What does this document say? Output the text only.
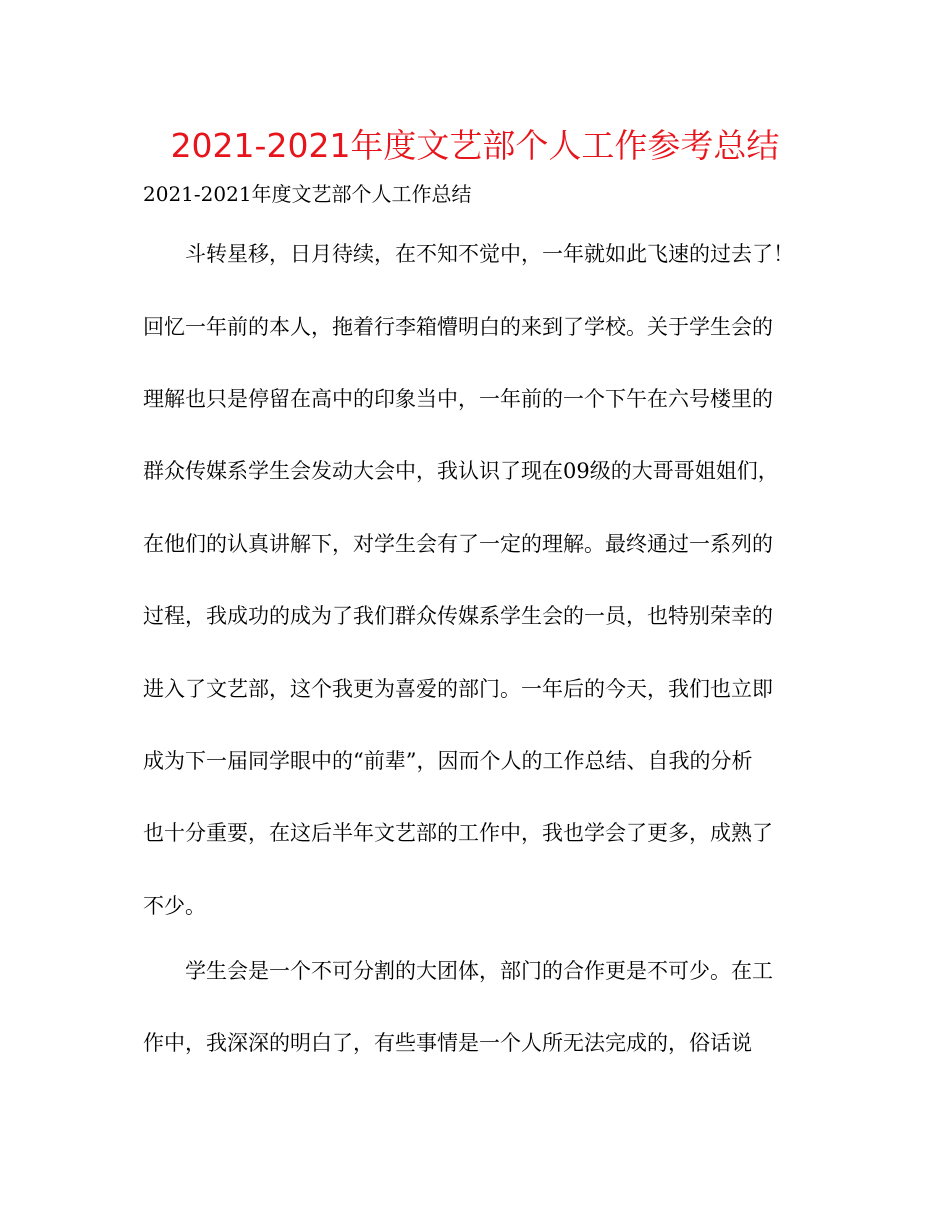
2021-2021年度文艺部个人工作参考总结
2021-2021年度文艺部个人工作总结
斗转星移，日月待续，在不知不觉中，一年就如此飞速的过去了！
回忆一年前的本人，拖着行李箱懵明白的来到了学校。关于学生会的
理解也只是停留在高中的印象当中，一年前的一个下午在六号楼里的
群众传媒系学生会发动大会中，我认识了现在09级的大哥哥姐姐们，
在他们的认真讲解下，对学生会有了一定的理解。最终通过一系列的
过程，我成功的成为了我们群众传媒系学生会的一员，也特别荣幸的
进入了文艺部，这个我更为喜爱的部门。一年后的今天，我们也立即
成为下一届同学眼中的“前辈”，因而个人的工作总结、自我的分析
也十分重要，在这后半年文艺部的工作中，我也学会了更多，成熟了
不少。
学生会是一个不可分割的大团体，部门的合作更是不可少。在工
作中，我深深的明白了，有些事情是一个人所无法完成的，俗话说
